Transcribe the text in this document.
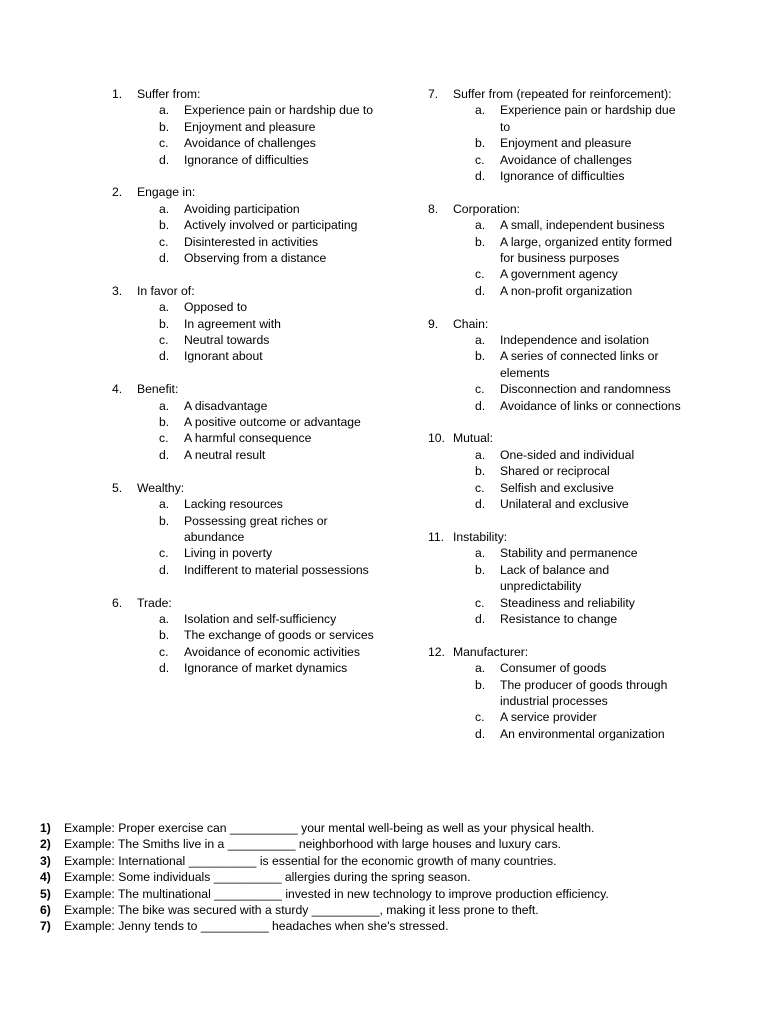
1.	Suffer from:
a.	Experience pain or hardship due to
b.	Enjoyment and pleasure
c.	Avoidance of challenges
d.	Ignorance of difficulties
2.	Engage in:
a.	Avoiding participation
b.	Actively involved or participating
c.	Disinterested in activities
d.	Observing from a distance
3.	In favor of:
a.	Opposed to
b.	In agreement with
c.	Neutral towards
d.	Ignorant about
4.	Benefit:
a.	A disadvantage
b.	A positive outcome or advantage
c.	A harmful consequence
d.	A neutral result
5.	Wealthy:
a.	Lacking resources
b.	Possessing great riches or abundance
c.	Living in poverty
d.	Indifferent to material possessions
6.	Trade:
a.	Isolation and self-sufficiency
b.	The exchange of goods or services
c.	Avoidance of economic activities
d.	Ignorance of market dynamics
7.	Suffer from (repeated for reinforcement):
a.	Experience pain or hardship due to
b.	Enjoyment and pleasure
c.	Avoidance of challenges
d.	Ignorance of difficulties
8.	Corporation:
a.	A small, independent business
b.	A large, organized entity formed for business purposes
c.	A government agency
d.	A non-profit organization
9.	Chain:
a.	Independence and isolation
b.	A series of connected links or elements
c.	Disconnection and randomness
d.	Avoidance of links or connections
10. Mutual:
a.	One-sided and individual
b.	Shared or reciprocal
c.	Selfish and exclusive
d.	Unilateral and exclusive
11. Instability:
a.	Stability and permanence
b.	Lack of balance and unpredictability
c.	Steadiness and reliability
d.	Resistance to change
12. Manufacturer:
a.	Consumer of goods
b.	The producer of goods through industrial processes
c.	A service provider
d.	An environmental organization
1)	Example: Proper exercise can __________ your mental well-being as well as your physical health.
2)	Example: The Smiths live in a __________ neighborhood with large houses and luxury cars.
3)	Example: International __________ is essential for the economic growth of many countries.
4)	Example: Some individuals __________ allergies during the spring season.
5)	Example: The multinational __________ invested in new technology to improve production efficiency.
6)	Example: The bike was secured with a sturdy __________, making it less prone to theft.
7)	Example: Jenny tends to __________ headaches when she's stressed.
